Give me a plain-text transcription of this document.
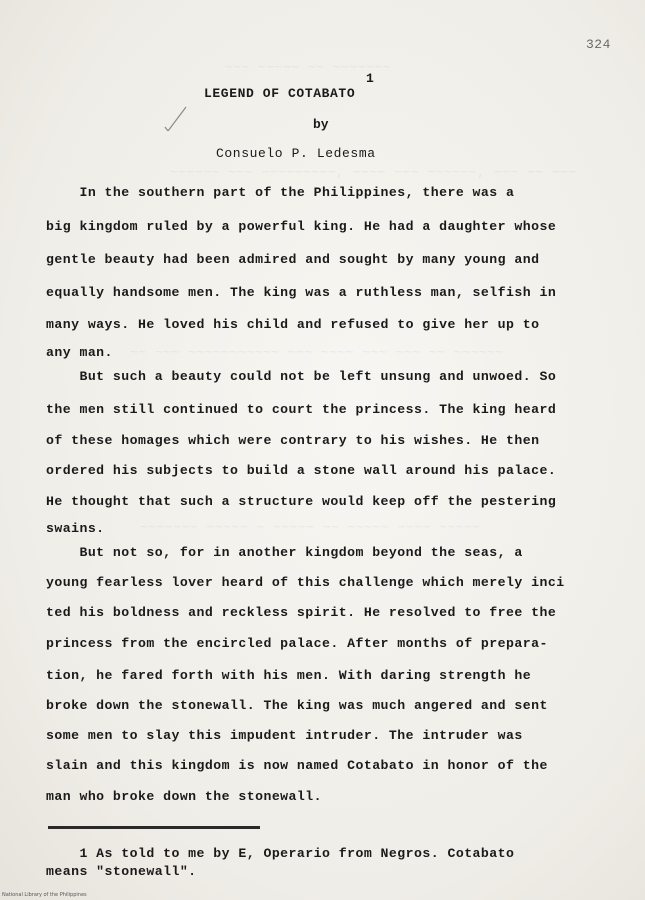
~~~ ~~~~~ ~~ ~~~~~~~
~~~~~~ ~~~ ~~~~~~~~~, ~~~~ ~~~ ~~~~~~, ~~~ ~~ ~~~
~~ ~~~ ~~~~~~~~~~~ ~~~ ~~~~ ~~~ ~~~ ~~ ~~~~~~
~~~~~~~ ~~~~~ ~ ~~~~~ ~~ ~~~~~ ~~~~ ~~~~~
324
LEGEND OF COTABATO
1
by
Consuelo P. Ledesma
In the southern part of the Philippines, there was a
big kingdom ruled by a powerful king. He had a daughter whose
gentle beauty had been admired and sought by many young and
equally handsome men. The king was a ruthless man, selfish in
many ways. He loved his child and refused to give her up to
any man.
But such a beauty could not be left unsung and unwoed. So
the men still continued to court the princess. The king heard
of these homages which were contrary to his wishes. He then
ordered his subjects to build a stone wall around his palace.
He thought that such a structure would keep off the pestering
swains.
But not so, for in another kingdom beyond the seas, a
young fearless lover heard of this challenge which merely inci
ted his boldness and reckless spirit. He resolved to free the
princess from the encircled palace. After months of prepara-
tion, he fared forth with his men. With daring strength he
broke down the stonewall. The king was much angered and sent
some men to slay this impudent intruder. The intruder was
slain and this kingdom is now named Cotabato in honor of the
man who broke down the stonewall.
1 As told to me by E, Operario from Negros. Cotabato
means "stonewall".
National Library of the Philippines
